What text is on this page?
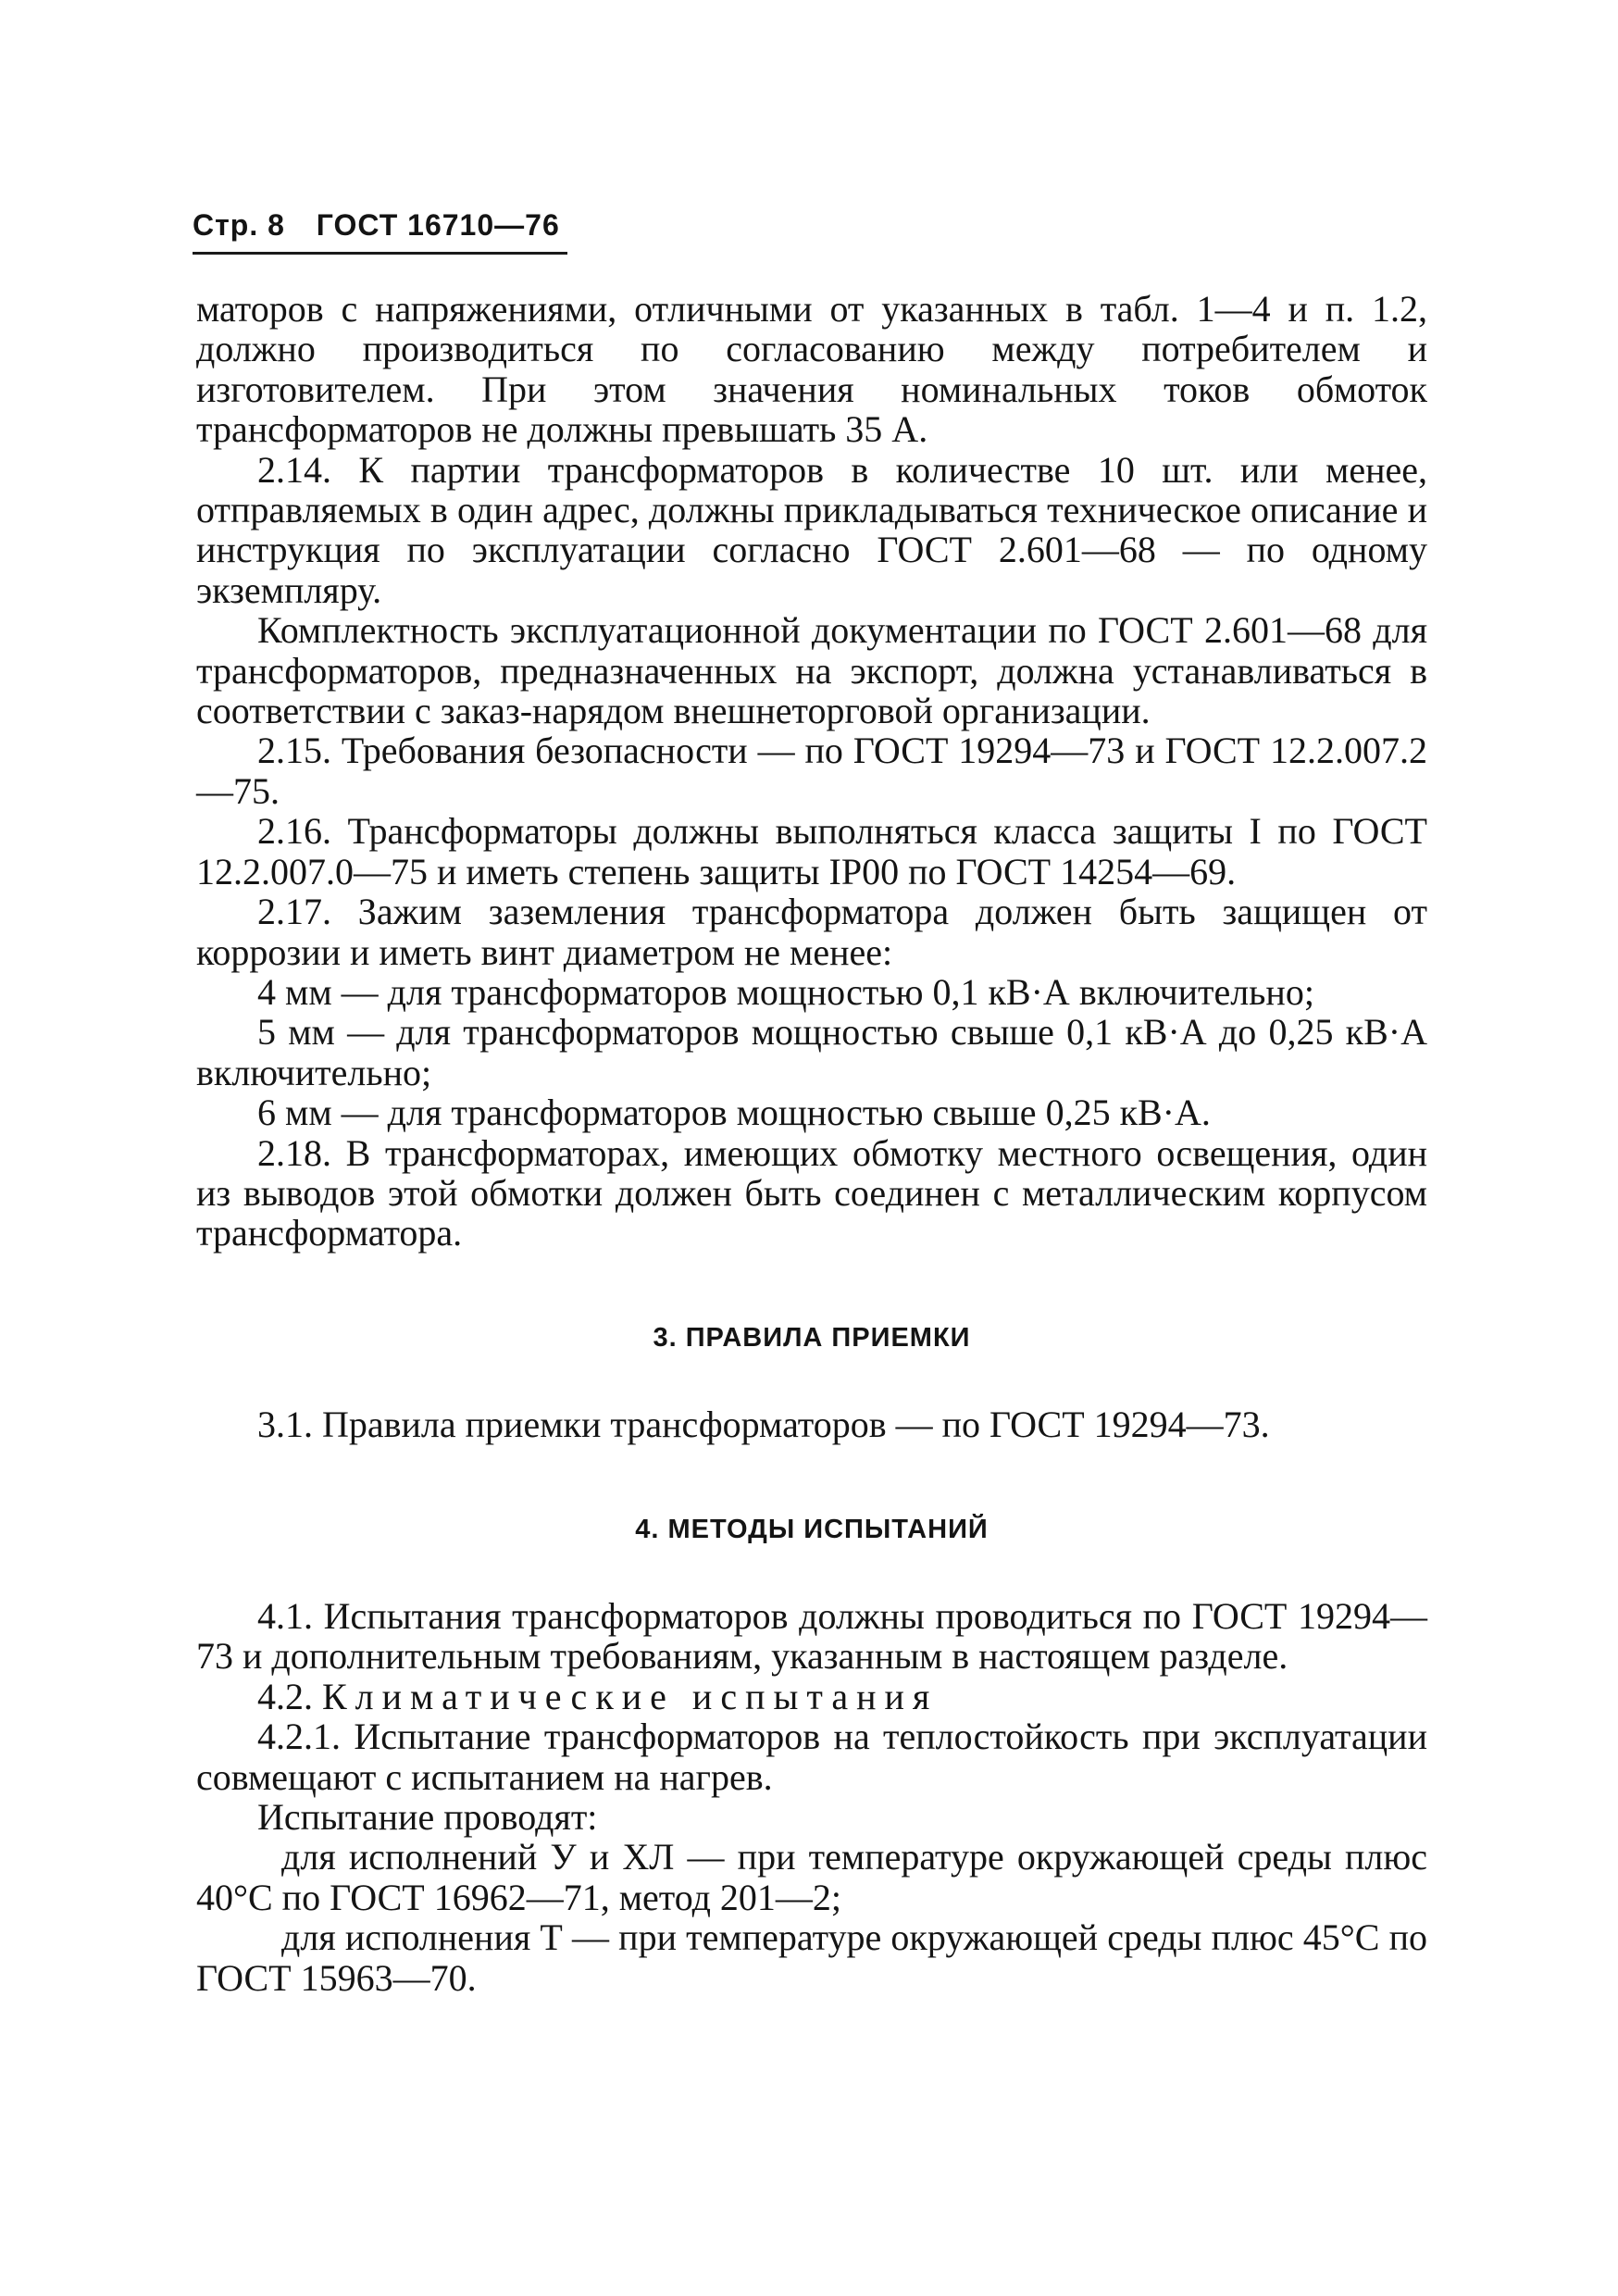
Стр. 8 ГОСТ 16710—76

маторов с напряжениями, отличными от указанных в табл. 1—4 и п. 1.2, должно производиться по согласованию между потребителем и изготовителем. При этом значения номинальных токов обмоток трансформаторов не должны превышать 35 А.

2.14. К партии трансформаторов в количестве 10 шт. или менее, отправляемых в один адрес, должны прикладываться техническое описание и инструкция по эксплуатации согласно ГОСТ 2.601—68 — по одному экземпляру.

Комплектность эксплуатационной документации по ГОСТ 2.601—68 для трансформаторов, предназначенных на экспорт, должна устанавливаться в соответствии с заказ-нарядом внешнеторговой организации.

2.15. Требования безопасности — по ГОСТ 19294—73 и ГОСТ 12.2.007.2—75.

2.16. Трансформаторы должны выполняться класса защиты I по ГОСТ 12.2.007.0—75 и иметь степень защиты IP00 по ГОСТ 14254—69.

2.17. Зажим заземления трансформатора должен быть защищен от коррозии и иметь винт диаметром не менее:

4 мм — для трансформаторов мощностью 0,1 кВ·А включительно;

5 мм — для трансформаторов мощностью свыше 0,1 кВ·А до 0,25 кВ·А включительно;

6 мм — для трансформаторов мощностью свыше 0,25 кВ·А.

2.18. В трансформаторах, имеющих обмотку местного освещения, один из выводов этой обмотки должен быть соединен с металлическим корпусом трансформатора.

3. ПРАВИЛА ПРИЕМКИ

3.1. Правила приемки трансформаторов — по ГОСТ 19294—73.

4. МЕТОДЫ ИСПЫТАНИЙ

4.1. Испытания трансформаторов должны проводиться по ГОСТ 19294—73 и дополнительным требованиям, указанным в настоящем разделе.

4.2. Климатические испытания

4.2.1. Испытание трансформаторов на теплостойкость при эксплуатации совмещают с испытанием на нагрев.

Испытание проводят:

для исполнений У и ХЛ — при температуре окружающей среды плюс 40°С по ГОСТ 16962—71, метод 201—2;

для исполнения Т — при температуре окружающей среды плюс 45°С по ГОСТ 15963—70.
